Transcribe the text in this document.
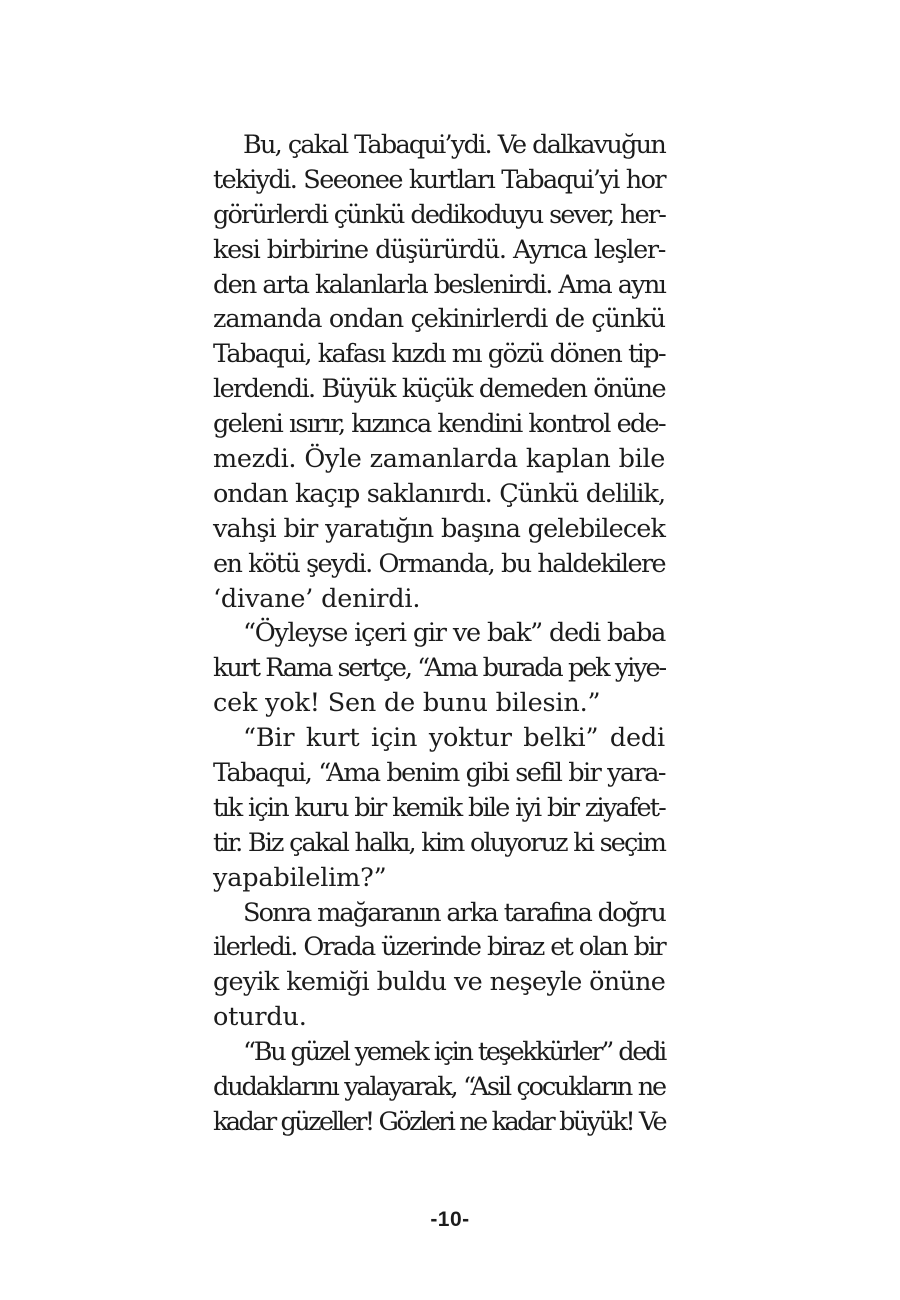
Bu, çakal Tabaqui’ydi. Ve dalkavuğun
tekiydi. Seeonee kurtları Tabaqui’yi hor
görürlerdi çünkü dedikoduyu sever, her-
kesi birbirine düşürürdü. Ayrıca leşler-
den arta kalanlarla beslenirdi. Ama aynı
zamanda ondan çekinirlerdi de çünkü
Tabaqui, kafası kızdı mı gözü dönen tip-
lerdendi. Büyük küçük demeden önüne
geleni ısırır, kızınca kendini kontrol ede-
mezdi. Öyle zamanlarda kaplan bile
ondan kaçıp saklanırdı. Çünkü delilik,
vahşi bir yaratığın başına gelebilecek
en kötü şeydi. Ormanda, bu haldekilere
‘divane’ denirdi.
“Öyleyse içeri gir ve bak” dedi baba
kurt Rama sertçe, “Ama burada pek yiye-
cek yok! Sen de bunu bilesin.”
“Bir kurt için yoktur belki” dedi
Tabaqui, “Ama benim gibi sefil bir yara-
tık için kuru bir kemik bile iyi bir ziyafet-
tir. Biz çakal halkı, kim oluyoruz ki seçim
yapabilelim?”
Sonra mağaranın arka tarafına doğru
ilerledi. Orada üzerinde biraz et olan bir
geyik kemiği buldu ve neşeyle önüne
oturdu.
“Bu güzel yemek için teşekkürler” dedi
dudaklarını yalayarak, “Asil çocukların ne
kadar güzeller! Gözleri ne kadar büyük! Ve
-10-
